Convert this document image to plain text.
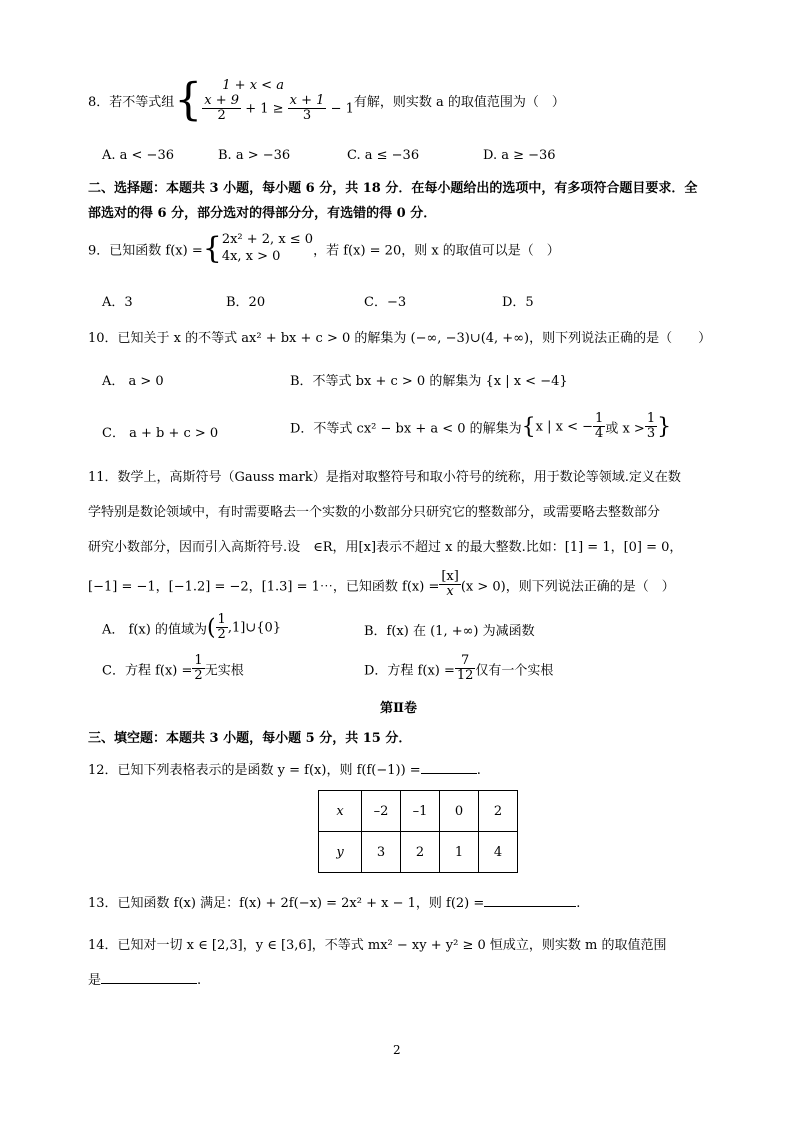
8．若不等式组{	1 + x < a
$\frac{x + 9}{2} + 1 \ge \frac{x + 1}{3} - 1$ 有解，则实数 a 的取值范围为（　）
A. a < −36	B. a > −36	C. a ≤ −36	D. a ≥ −36
二、选择题：本题共 3 小题，每小题 6 分，共 18 分．在每小题给出的选项中，有多项符合题目要求．全
部选对的得 6 分，部分选对的得部分分，有选错的得 0 分．
9．已知函数 f(x) ={ 2x² + 2, x ≤ 0
4x, x > 0	，若 f(x) = 20，则 x 的取值可以是（　）
A．3	B．20	C．−3	D．5
10．已知关于 x 的不等式 ax² + bx + c > 0 的解集为 (−∞, −3)∪(4, +∞)，则下列说法正确的是（　　）
A． a > 0	B．不等式 bx + c > 0 的解集为 {x | x < −4}
C． a + b + c > 0	D．不等式 cx² − bx + a < 0 的解集为{x | x < − $\frac{1}{4}$ 或 $x > \frac{1}{3}$ }
11．数学上，高斯符号（Gauss mark）是指对取整符号和取小符号的统称，用于数论等领域.定义在数
学特别是数论领域中，有时需要略去一个实数的小数部分只研究它的整数部分，或需要略去整数部分
研究小数部分，因而引入高斯符号.设　∈R，用[x]表示不超过 x 的最大整数.比如：[1] = 1，[0] = 0，
[−1] = −1，[−1.2] = −2，[1.3] = 1⋯，已知函数 $f(x) = \frac{[x]}{x} (x > 0)$，则下列说法正确的是（　）
A． f(x) 的值域为( $\frac{1}{2}$ ,1]∪{0}	B．f(x) 在 (1, +∞) 为减函数
C．方程 $f(x) = \frac{1}{2}$ 无实根	D．方程 $f(x) = \frac{7}{12}$ 仅有一个实根
第Ⅱ卷
三、填空题：本题共 3 小题，每小题 5 分，共 15 分．
12．已知下列表格表示的是函数 y = f(x)，则 f(f(−1)) =	.
x	–2	–1	0	2
y	3	2	1	4
13．已知函数 f(x) 满足：f(x) + 2f(−x) = 2x² + x − 1，则 f(2) =	.
14．已知对一切 x ∈ [2,3]，y ∈ [3,6]，不等式 mx² − xy + y² ≥ 0 恒成立，则实数 m 的取值范围
是	.
2
